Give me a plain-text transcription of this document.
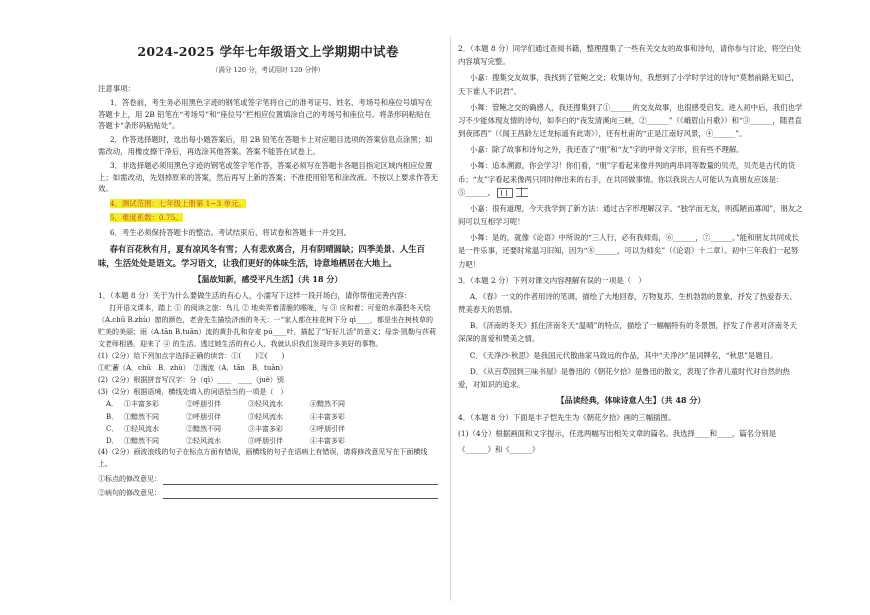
2024-2025 学年七年级语文上学期期中试卷
（满分 120 分，考试用时 120 分钟）
注意事项：

1．答卷前，考生务必用黑色字迹的钢笔或签字笔将自己的准考证号、姓名、考场号和座位号填写在答题卡上，用 2B 铅笔在“考场号”和“座位号”栏相应位置填涂自己的考场号和座位号。将条形码粘贴在答题卡“条形码粘贴处”。

2．作答选择题时，选出每小题答案后，用 2B 铅笔在答题卡上对应题目选项的答案信息点涂黑；如需改动，用橡皮擦干净后，再选涂其他答案。答案不能答在试卷上。

3．非选择题必须用黑色字迹的钢笔或签字笔作答，答案必须写在答题卡各题目指定区域内相应位置上；如需改动，先划掉原来的答案，然后再写上新的答案；不准使用铅笔和涂改液。不按以上要求作答无效。

4．测试范围：七年级上册第 1~3 单元。

5．难度系数：0.75。

6．考生必须保持答题卡的整洁。考试结束后，将试卷和答题卡一并交回。

春有百花秋有月，夏有凉风冬有雪；人有悲欢离合，月有阴晴圆缺；四季美景、人生百味，生活处处是语文。学习语文，让我们更好的体味生活，诗意地栖居在大地上。

【温故知新，感受平凡生活】（共 18 分）

1．（本题 8 分）关于为什么要做生活的有心人，小濡写下这样一段开场白，请你帮他完善内容：

打开语文课本，踏上 ① 的阅读之旅：鸟儿 ② 地卖弄着清脆的喉咙，与 ③ 应和着；可爱的水藻把冬天绘（A.chū B.zhù）窗的颜色，老舍先生描绘济南的冬天：一“家人都在桂花树下分 qì____，都是坐在树枝草的贮美的美丽；雨（A.tān B.tuān）流的黄扑扎和存麦 pú____叶，描起了“好好儿活”的意义；母亲·凯勒与莎莉文老师相遇，迎来了 ④ 的生活。透过她生活的有心人，我就认识我们发现许多美好的事物。

(1)（2分）给下列加点字选择正确的读音：①(　　)②(　　)

①贮蓄（A．chū　B．zhù）　②湍流（A．tān　B．tuān）

(2)（2分）根据拼音写汉字：分（qì）____　____（juè）别

(3)（2分）根据语境，横线处填入的词语恰当的一项是（　）

A． ①丰富多彩	②呼朋引伴	③轻风流水	④黯然不同
B． ①黯然不同	②呼朋引伴	③轻风流水	④丰富多彩
C． ①轻风流水	②黯然不同	③丰富多彩	④呼朋引伴
D． ①黯然不同	②轻风流水	③呼朋引伴	④丰富多彩

(4)（2分）画波浪线的句子在标点方面有错误，画横线的句子在语病上有错误，请将修改意见写在下面横线上。

①标点的修改意见：
②病句的修改意见：

2．（本题 8 分）同学们通过查阅书籍，整理搜集了一些有关交友的故事和诗句，请你参与讨论，将空白处内容填写完整。

小嘉：搜集交友故事，我找到了管鲍之交；收集诗句，我想到了小学时学过的诗句“莫愁前路无知己，天下谁人不识君”。

小舞：管鲍之交的确感人，我还搜集到了①______的交友故事，也很感受启发。进入初中后，我们也学习不少能体现友情的诗句，如李白的“夜发清溪向三峡，②______”（《峨眉山月歌》）和“③______，随君直到夜郎西”（《闻王昌龄左迁龙标遥有此寄》），还有杜甫的“正是江南好风景，④______”。

小嘉：除了故事和诗句之外，我还查了“朋”和“友”字的甲骨文字形，但有些不理解。

小舞：追本溯源，你会学习！你们看，“朋”字看起来像并列的两串同等数量的贝壳，贝壳是古代的货币；“友”字看起来像两只同时伸出来的右手，在共同做事情。你以我说古人可能认为真朋友应该是：⑤______。

小嘉：很有道理，今天我学到了新方法：通过古字形理解汉字。“独学而无友，则孤陋而寡闻”，朋友之间可以互相学习呢！

小舞：是的，就像《论语》中所说的“三人行，必有我师焉，⑥______，⑦______。”能和朋友共同成长是一件乐事，还要时常温习旧知，因为“⑧______，可以为师矣”（《论语》十二章）。初中三年我们一起努力吧！

3．（本题 2 分）下列对课文内容理解有误的一项是（　）

A．《春》一文的作者用诗的笔调，描绘了大地回春，万物复苏、生机勃勃的景象，抒发了热爱春天、赞美春天的思情。

B．《济南的冬天》抓住济南冬天“温晴”的特点，描绘了一幅幅特有的冬景图，抒发了作者对济南冬天深深的喜爱和赞美之情。

C．《天净沙·秋思》是我国元代散曲家马致远的作品，其中“天净沙”是词牌名，“秋思”是题目。

D．《从百草园到三味书屋》是鲁迅的《朝花夕拾》是鲁迅的散文，表现了作者儿童时代对自然的热爱，对知识的追求。

【品读经典，体味诗意人生】（共 48 分）

4．（本题 8 分）下面是丰子恺先生为《朝花夕拾》画的三幅插图。

(1)（4分）根据画面和文字提示，任选两幅写出相关文章的篇名。我选择____和____，篇名分别是

《______》和《______》
